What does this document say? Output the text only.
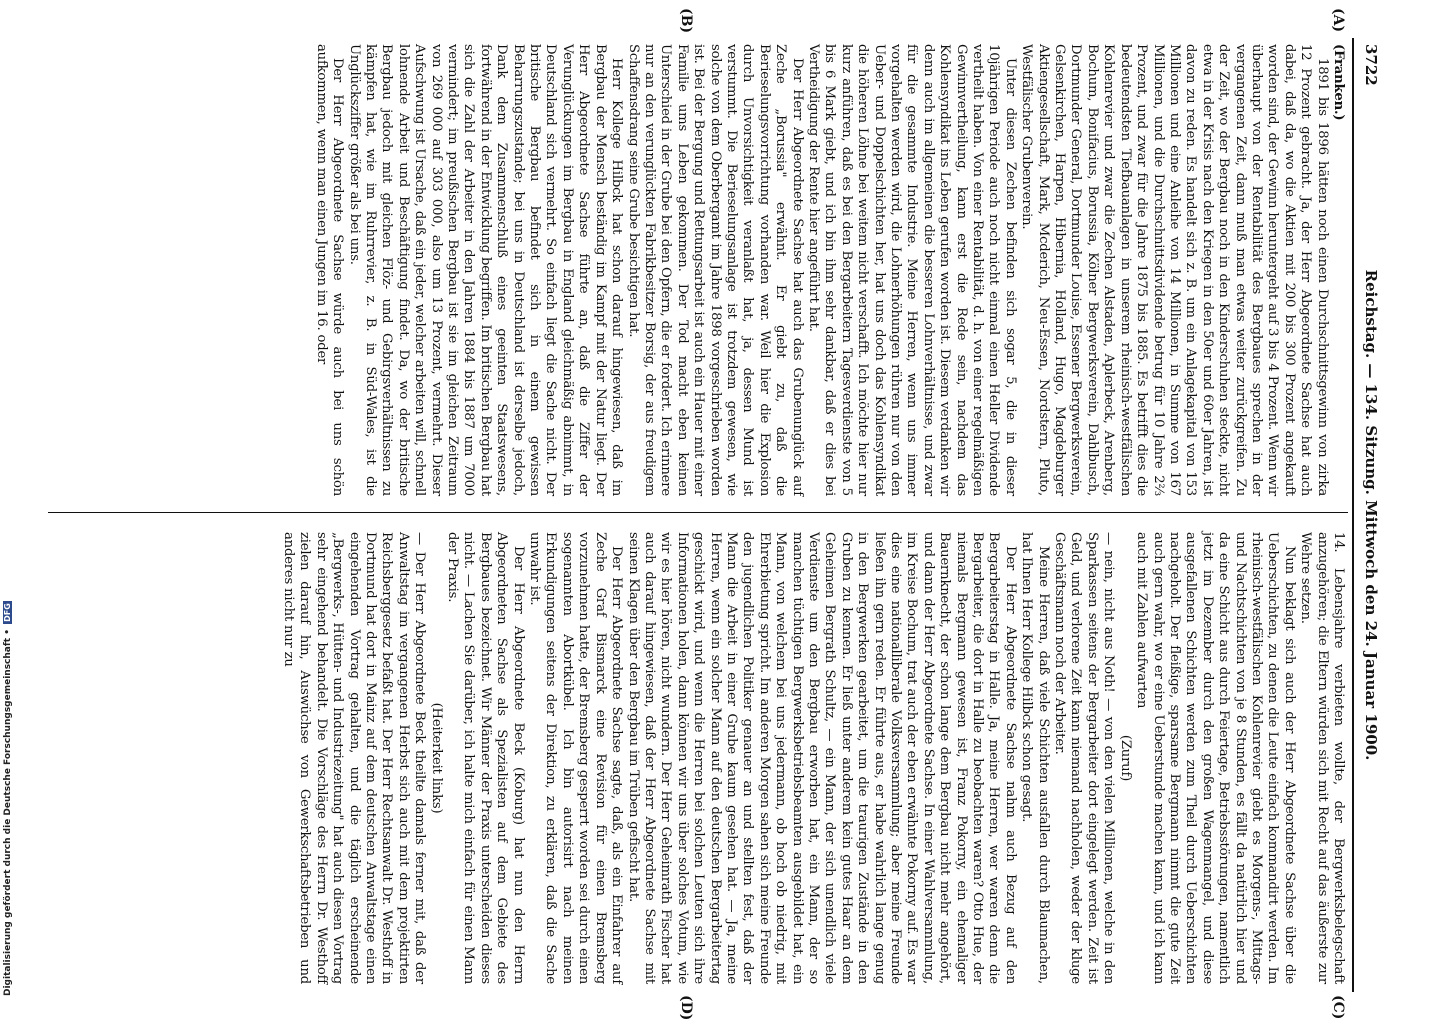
3722
Reichstag. — 134. Sitzung. Mittwoch den 24. Januar 1900.
(A)
(B)
(C)
(D)

(Franken.)

1891 bis 1896 hätten noch einen Durchschnittsgewinn von zirka 12 Prozent gebracht. Ja, der Herr Abgeordnete Sachse hat auch dabei, daß da, wo die Aktien mit 200 bis 300 Prozent angekauft worden sind, der Gewinn heruntergeht auf 3 bis 4 Prozent. Wenn wir überhaupt von der Rentabilität des Bergbaues sprechen in der vergangenen Zeit, dann muß man etwas weiter zurückgreifen. Zu der Zeit, wo der Bergbau noch in den Kinderschuhen steckte, nicht etwa in der Krisis nach den Kriegen in den 50er und 60er Jahren, ist davon zu reden. Es handelt sich z. B. um ein Anlagekapital von 153 Millionen und eine Anleihe von 14 Millionen, in Summe von 167 Millionen, und die Durchschnittsdividende betrug für 10 Jahre 2⅔ Prozent, und zwar für die Jahre 1875 bis 1885. Es betrifft dies die bedeutendsten Tiefbauanlagen in unserem rheinisch-westfälischen Kohlenrevier und zwar die Zechen Alstaden, Aplerbeck, Arenberg, Bochum, Bonifacius, Borussia, Kölner Bergwerksverein, Dahlbusch, Dortmunder General, Dortmunder Louise, Essener Bergwerksverein, Gelsenkirchen, Harpen, Hibernia, Holland, Hugo, Magdeburger Aktiengesellschaft, Mark, Mcderich, Neu-Essen, Nordstern, Pluto, Westfälischer Grubenverein.

Unter diesen Zechen befinden sich sogar 5, die in dieser 10jährigen Periode auch noch nicht einmal einen Heller Dividende vertheilt haben. Von einer Rentabilität, d. h. von einer regelmäßigen Gewinnvertheilung, kann erst die Rede sein, nachdem das Kohlensyndikat ins Leben gerufen worden ist. Diesem verdanken wir denn auch im allgemeinen die besseren Lohnverhältnisse, und zwar für die gesammte Industrie. Meine Herren, wenn uns immer vorgehalten werden wird, die Lohnerhöhungen rühren nur von den Ueber- und Doppelschichten her, hat uns doch das Kohlensyndikat die höheren Löhne bei weitem nicht verschafft. Ich möchte hier nur kurz anführen, daß es bei den Bergarbeitern Tagesverdienste von 5 bis 6 Mark giebt, und ich bin ihm sehr dankbar, daß er dies bei Vertheidigung der Rente hier angeführt hat.

Der Herr Abgeordnete Sachse hat auch das Grubenunglück auf Zeche „Borussia" erwähnt. Er giebt zu, daß die Berieselungsvorrichtung vorhanden war. Weil hier die Explosion durch Unvorsichtigkeit veranlaßt hat, ja, dessen Mund ist verstummt. Die Berieselungsanlage ist trotzdem gewesen, wie solche von dem Oberbergamt im Jahre 1898 vorgeschrieben worden ist. Bei der Bergung und Rettungsarbeit ist auch ein Hauer mit einer Familie ums Leben gekommen. Der Tod macht eben keinen Unterschied in der Grube bei den Opfern, die er fordert. Ich erinnere nur an den verunglückten Fabrikbesitzer Borsig, der aus freudigem Schaffensdrang seine Grube besichtigen hat.

Herr Kollege Hilbck hat schon darauf hingewiesen, daß im Bergbau der Mensch beständig im Kampf mit der Natur liegt. Der Herr Abgeordnete Sachse führte an, daß die Ziffer der Verunglückungen im Bergbau in England gleichmäßig abnimmt, in Deutschland sich vermehrt. So einfach liegt die Sache nicht. Der britische Bergbau befindet sich in einem gewissen Beharrungszustande; bei uns in Deutschland ist derselbe jedoch, Dank dem Zusammenschluß eines geeinten Staatswesens, fortwährend in der Entwicklung begriffen. Im britischen Bergbau hat sich die Zahl der Arbeiter in den Jahren 1884 bis 1887 um 7000 vermindert; im preußischen Bergbau ist sie im gleichen Zeitraum von 269 000 auf 303 000, also um 13 Prozent, vermehrt. Dieser Aufschwung ist Ursache, daß ein jeder, welcher arbeiten will, schnell lohnende Arbeit und Beschäftigung findet. Da, wo der britische Bergbau jedoch mit gleichen Flöz- und Gebirgsverhältnissen zu kämpfen hat, wie im Ruhrrevier, z. B. in Süd-Wales, ist die Unglücksziffer größer als bei uns.

Der Herr Abgeordnete Sachse würde auch bei uns schön aufkommen, wenn man einen Jungen im 16. oder

14. Lebensjahre verbieten wollte, der Bergwerksbelegschaft anzugehören; die Eltern würden sich mit Recht auf das äußerste zur Wehre setzen.

Nun beklagt sich auch der Herr Abgeordnete Sachse über die Ueberschichten, zu denen die Leute einfach kommandirt werden. Im rheinisch-westfälischen Kohlenrevier giebt es Morgens-, Mittags- und Nachtschichten von je 8 Stunden, es fällt da natürlich hier und da eine Schicht aus durch Feiertage, Betriebsstörungen, namentlich jetzt im Dezember durch den großen Wagenmangel, und diese ausgefallenen Schichten werden zum Theil durch Ueberschichten nachgeholt. Der fleißige, sparsame Bergmann nimmt die gute Zeit auch gern wahr, wo er eine Ueberstunde machen kann, und ich kann auch mit Zahlen aufwarten

(Zuruf)

— nein, nicht aus Noth! — von den vielen Millionen, welche in den Sparkassen seitens der Bergarbeiter dort eingelegt werden. Zeit ist Geld, und verlorene Zeit kann niemand nachholen, weder der kluge Geschäftsmann noch der Arbeiter.

Meine Herren, daß viele Schichten ausfallen durch Blaumachen, hat Ihnen Herr Kollege Hilbck schon gesagt.

Der Herr Abgeordnete Sachse nahm auch Bezug auf den Bergarbeiterstag in Halle. Ja, meine Herren, wer waren denn die Bergarbeiter, die dort in Halle zu beobachten waren? Otto Hue, der niemals Bergmann gewesen ist, Franz Pokorny, ein ehemaliger Bauernknecht, der schon lange dem Bergbau nicht mehr angehört, und dann der Herr Abgeordnete Sachse. In einer Wahlversammlung, im Kreise Bochum, trat auch der eben erwähnte Pokorny auf. Es war dies eine nationalliberale Volksversammlung; aber meine Freunde ließen ihn gern reden. Er führte aus, er habe wahrlich lange genug in den Bergwerken gearbeitet, um die traurigen Zustände in den Gruben zu kennen. Er ließ unter anderem kein gutes Haar an dem Geheimen Bergrath Schultz, — ein Mann, der sich unendlich viele Verdienste um den Bergbau erworben hat, ein Mann, der so manchen tüchtigen Bergwerksbetriebsbeamten ausgebildet hat, ein Mann, von welchem bei uns jedermann, ob hoch ob niedrig, mit Ehrerbietung spricht. Im anderen Morgen sahen sich meine Freunde den jugendlichen Politiker genauer an und stellten fest, daß der Mann die Arbeit in einer Grube kaum gesehen hat. — Ja, meine Herren, wenn ein solcher Mann auf den deutschen Bergarbeitertag geschickt wird, und wenn die Herren bei solchen Leuten sich ihre Informationen holen, dann können wir uns über solches Votum, wie wir es hier hören, nicht wundern. Der Herr Geheimrath Fischer hat auch darauf hingewiesen, daß der Herr Abgeordnete Sachse mit seinen Klagen über den Bergbau im Trüben gefischt hat.

Der Herr Abgeordnete Sachse sagte, daß, als ein Einfahrer auf Zeche Graf Bismarck eine Revision für einen Bremsberg vorzunehmen hatte, der Bremsberg gesperrt worden sei durch einen sogenannten Abortkübel. Ich bin autorisirt nach meinen Erkundigungen seitens der Direktion, zu erklären, daß die Sache unwahr ist.

Der Herr Abgeordnete Beck (Koburg) hat nun den Herrn Abgeordneten Sachse als Spezialisten auf dem Gebiete des Bergbaues bezeichnet. Wir Männer der Praxis unterscheiden dieses nicht. — Lachen Sie darüber, ich halte mich einfach für einen Mann der Praxis.

(Heiterkeit links)

— Der Herr Abgeordnete Beck theilte damals ferner mit, daß der Anwaltstag im vergangenen Herbst sich auch mit dem projektirten Reichsberggesetz befaßt hat. Der Herr Rechtsanwalt Dr. Westhoff in Dortmund hat dort in Mainz auf dem deutschen Anwaltstage einen eingehenden Vortrag gehalten, und die täglich erscheinende „Bergwerks-, Hütten- und Industriezeitung" hat auch diesen Vortrag sehr eingehend behandelt. Die Vorschläge des Herrn Dr. Westhoff zielen darauf hin, Auswüchse von Gewerkschaftsbetrieben und anderes nicht nur zu

Digitalisierung gefördert durch die Deutsche Forschungsgemeinschaft • DFG
